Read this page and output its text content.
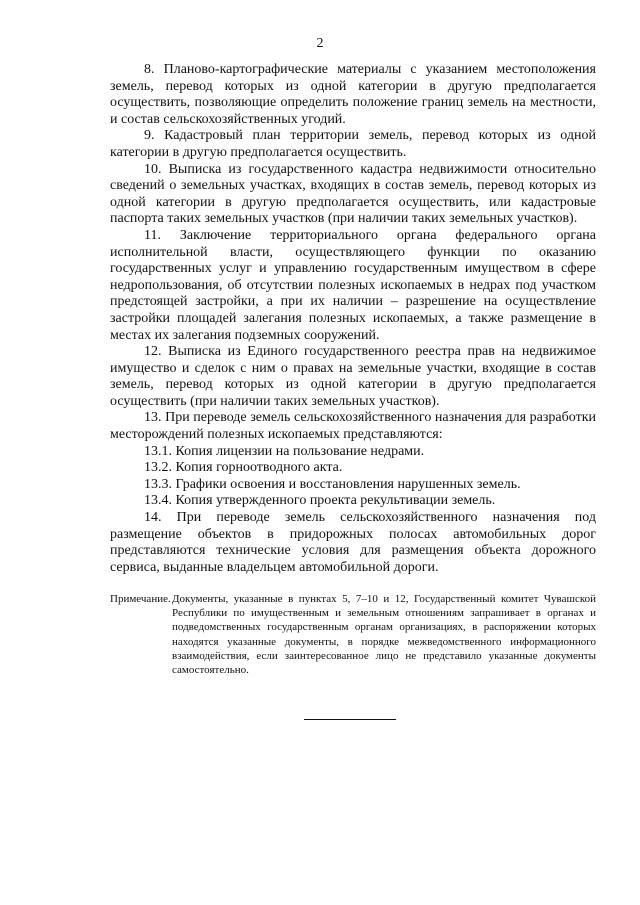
2

8. Планово-картографические материалы с указанием местоположения земель, перевод которых из одной категории в другую предполагается осуществить, позволяющие определить положение границ земель на местности, и состав сельскохозяйственных угодий.

9. Кадастровый план территории земель, перевод которых из одной категории в другую предполагается осуществить.

10. Выписка из государственного кадастра недвижимости относительно сведений о земельных участках, входящих в состав земель, перевод которых из одной категории в другую предполагается осуществить, или кадастровые паспорта таких земельных участков (при наличии таких земельных участков).

11. Заключение территориального органа федерального органа исполнительной власти, осуществляющего функции по оказанию государственных услуг и управлению государственным имуществом в сфере недропользования, об отсутствии полезных ископаемых в недрах под участком предстоящей застройки, а при их наличии – разрешение на осуществление застройки площадей залегания полезных ископаемых, а также размещение в местах их залегания подземных сооружений.

12. Выписка из Единого государственного реестра прав на недвижимое имущество и сделок с ним о правах на земельные участки, входящие в состав земель, перевод которых из одной категории в другую предполагается осуществить (при наличии таких земельных участков).

13. При переводе земель сельскохозяйственного назначения для разработки месторождений полезных ископаемых представляются:

13.1. Копия лицензии на пользование недрами.

13.2. Копия горноотводного акта.

13.3. Графики освоения и восстановления нарушенных земель.

13.4. Копия утвержденного проекта рекультивации земель.

14. При переводе земель сельскохозяйственного назначения под размещение объектов в придорожных полосах автомобильных дорог представляются технические условия для размещения объекта дорожного сервиса, выданные владельцем автомобильной дороги.

Примечание. Документы, указанные в пунктах 5, 7–10 и 12, Государственный комитет Чувашской Республики по имущественным и земельным отношениям запрашивает в органах и подведомственных государственным органам организациях, в распоряжении которых находятся указанные документы, в порядке межведомственного информационного взаимодействия, если заинтересованное лицо не представило указанные документы самостоятельно.
